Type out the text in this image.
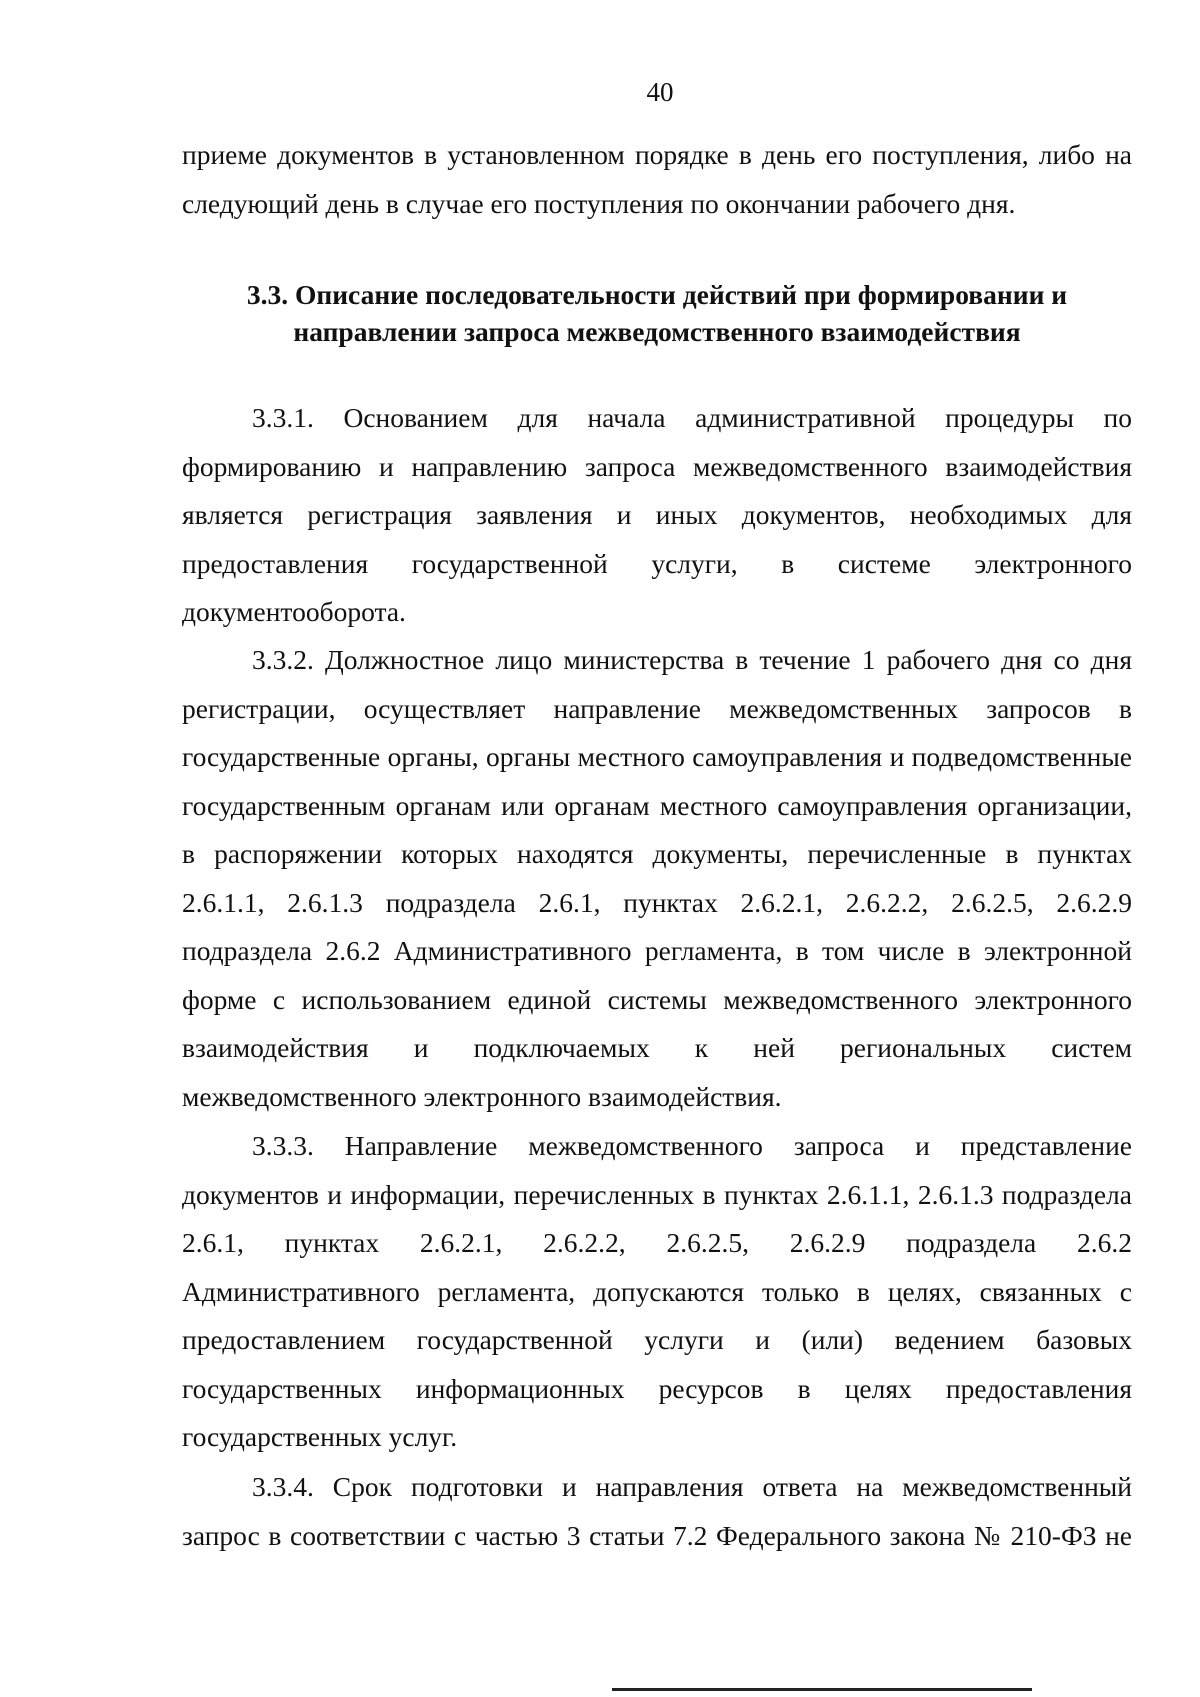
40

приеме документов в установленном порядке в день его поступления, либо на следующий день в случае его поступления по окончании рабочего дня.

3.3. Описание последовательности действий при формировании и
направлении запроса межведомственного взаимодействия

3.3.1. Основанием для начала административной процедуры по формированию и направлению запроса межведомственного взаимодействия является регистрация заявления и иных документов, необходимых для предоставления государственной услуги, в системе электронного документооборота.

3.3.2. Должностное лицо министерства в течение 1 рабочего дня со дня регистрации, осуществляет направление межведомственных запросов в государственные органы, органы местного самоуправления и подведомственные государственным органам или органам местного самоуправления организации, в распоряжении которых находятся документы, перечисленные в пунктах 2.6.1.1, 2.6.1.3 подраздела 2.6.1, пунктах 2.6.2.1, 2.6.2.2, 2.6.2.5, 2.6.2.9 подраздела 2.6.2 Административного регламента, в том числе в электронной форме с использованием единой системы межведомственного электронного взаимодействия и подключаемых к ней региональных систем межведомственного электронного взаимодействия.

3.3.3. Направление межведомственного запроса и представление документов и информации, перечисленных в пунктах 2.6.1.1, 2.6.1.3 подраздела 2.6.1, пунктах 2.6.2.1, 2.6.2.2, 2.6.2.5, 2.6.2.9 подраздела 2.6.2 Административного регламента, допускаются только в целях, связанных с предоставлением государственной услуги и (или) ведением базовых государственных информационных ресурсов в целях предоставления государственных услуг.

3.3.4. Срок подготовки и направления ответа на межведомственный запрос в соответствии с частью 3 статьи 7.2 Федерального закона № 210-ФЗ не
